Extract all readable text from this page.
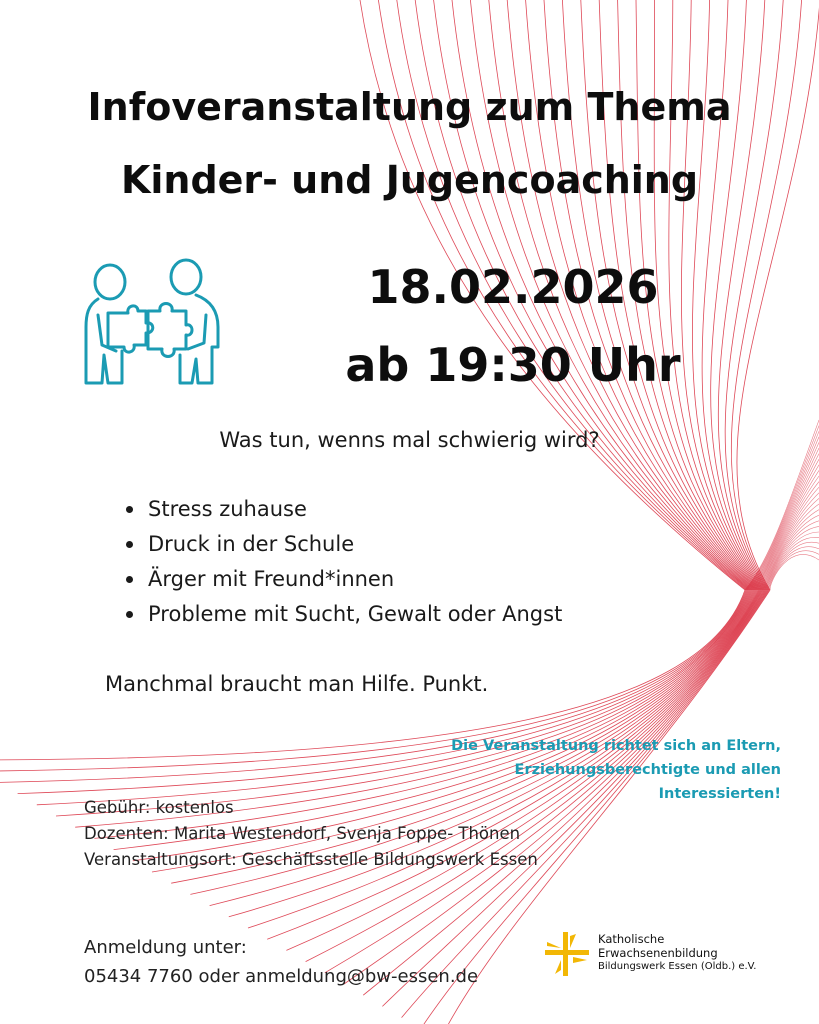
Infoveranstaltung zum Thema
Kinder- und Jugencoaching
18.02.2026
ab 19:30 Uhr
Was tun, wenns mal schwierig wird?
Stress zuhause
Druck in der Schule
Ärger mit Freund*innen
Probleme mit Sucht, Gewalt oder Angst
Manchmal braucht man Hilfe. Punkt.
Die Veranstaltung richtet sich an Eltern,
Erziehungsberechtigte und allen
Interessierten!
Gebühr: kostenlos
Dozenten: Marita Westendorf, Svenja Foppe- Thönen
Veranstaltungsort: Geschäftsstelle Bildungswerk Essen
Anmeldung unter:
05434 7760 oder anmeldung@bw-essen.de
Katholische
Erwachsenenbildung
Bildungswerk Essen (Oldb.) e.V.
